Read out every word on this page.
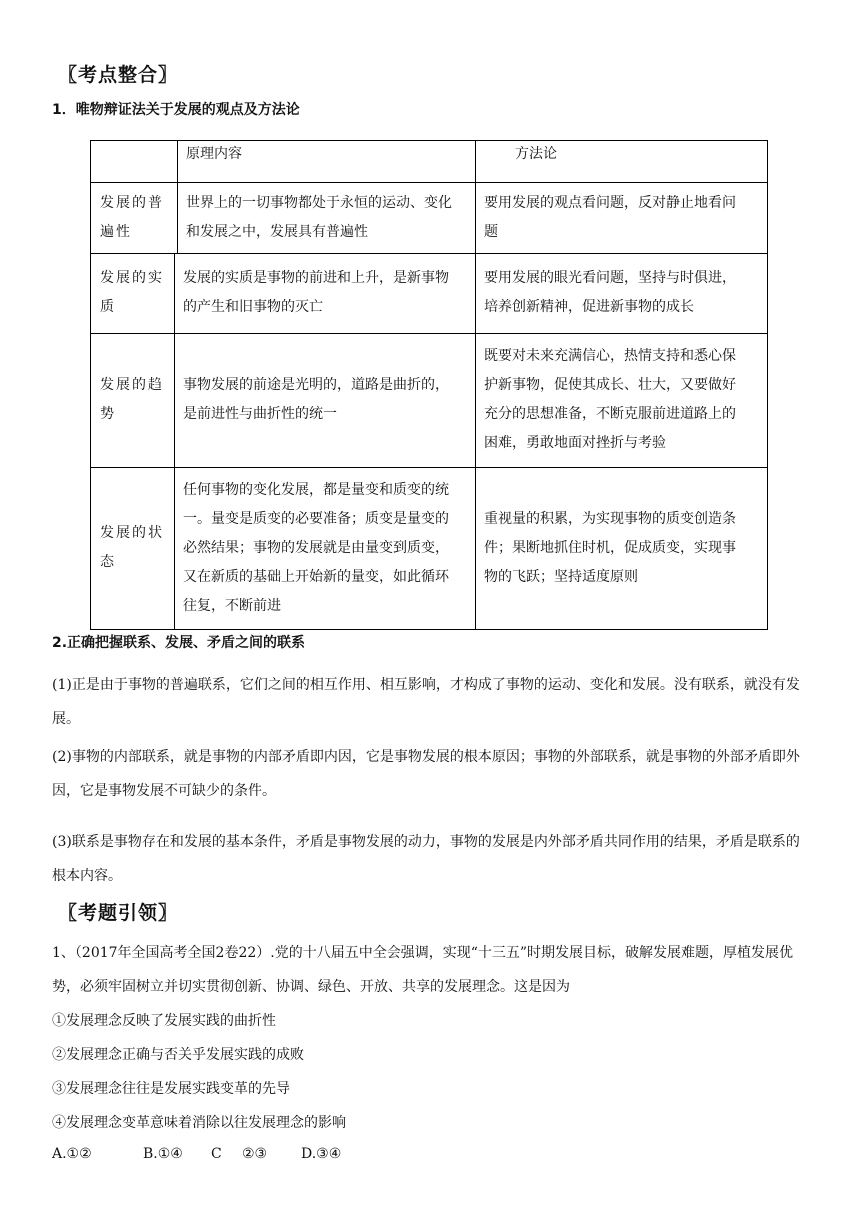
〖考点整合〗
1．唯物辩证法关于发展的观点及方法论
原理内容	方法论
发展的普
遍性
世界上的一切事物都处于永恒的运动、变化
和发展之中，发展具有普遍性
要用发展的观点看问题，反对静止地看问
题
发展的实
质
发展的实质是事物的前进和上升，是新事物
的产生和旧事物的灭亡
要用发展的眼光看问题，坚持与时俱进，
培养创新精神，促进新事物的成长
发展的趋
势
事物发展的前途是光明的，道路是曲折的，
是前进性与曲折性的统一
既要对未来充满信心，热情支持和悉心保
护新事物，促使其成长、壮大，又要做好
充分的思想准备，不断克服前进道路上的
困难，勇敢地面对挫折与考验
发展的状
态
任何事物的变化发展，都是量变和质变的统
一。量变是质变的必要准备；质变是量变的
必然结果；事物的发展就是由量变到质变，
又在新质的基础上开始新的量变，如此循环
往复，不断前进
重视量的积累，为实现事物的质变创造条
件；果断地抓住时机，促成质变，实现事
物的飞跃；坚持适度原则
2.正确把握联系、发展、矛盾之间的联系
(1)正是由于事物的普遍联系，它们之间的相互作用、相互影响，才构成了事物的运动、变化和发展。没有联系，就没有发展。
(2)事物的内部联系，就是事物的内部矛盾即内因，它是事物发展的根本原因；事物的外部联系，就是事物的外部矛盾即外因，它是事物发展不可缺少的条件。
(3)联系是事物存在和发展的基本条件，矛盾是事物发展的动力，事物的发展是内外部矛盾共同作用的结果，矛盾是联系的根本内容。
〖考题引领〗
1、（2017年全国高考全国2卷22）.党的十八届五中全会强调，实现“十三五”时期发展目标，破解发展难题，厚植发展优势，必须牢固树立并切实贯彻创新、协调、绿色、开放、共享的发展理念。这是因为
①发展理念反映了发展实践的曲折性
②发展理念正确与否关乎发展实践的成败
③发展理念往往是发展实践变革的先导
④发展理念变革意味着消除以往发展理念的影响
A.①②	B.①④ C ②③ D.③④
